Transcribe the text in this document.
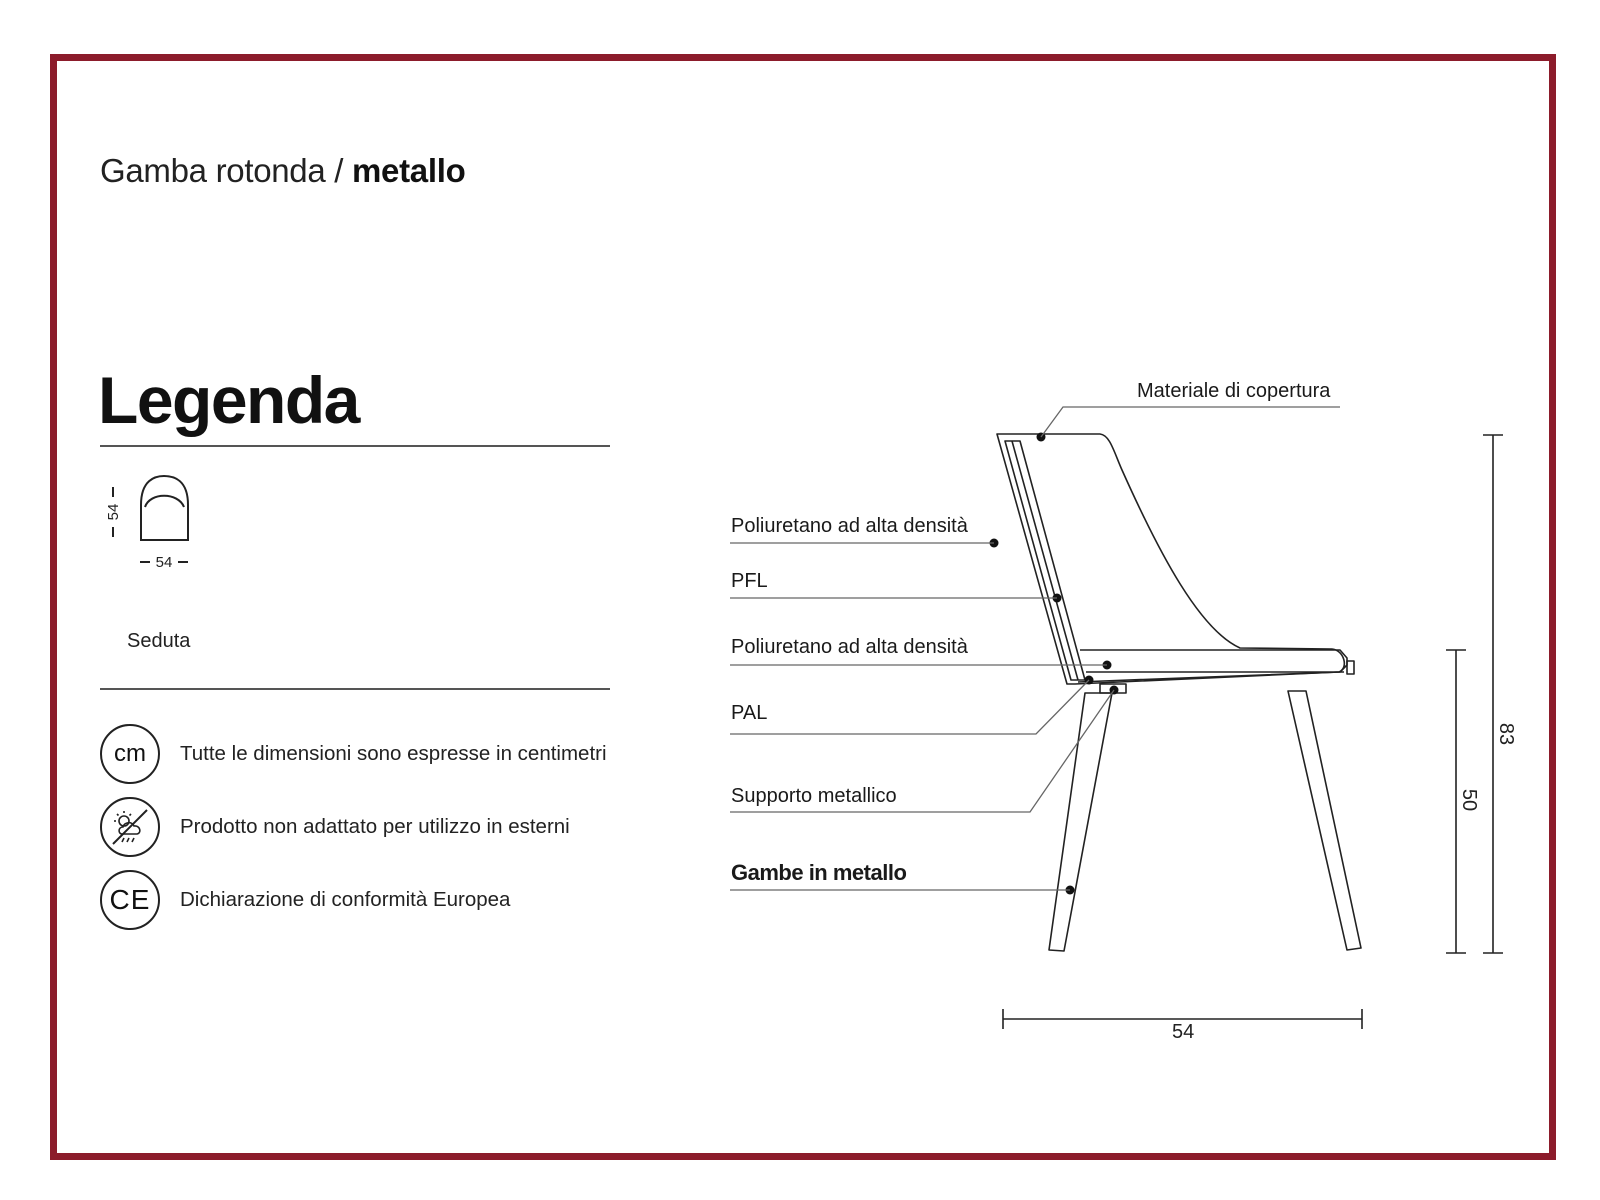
Gamba rotonda / metallo
Legenda
54
54
50
83
Materiale di copertura
Poliuretano ad alta densità
PFL
Poliuretano ad alta densità
PAL
Supporto metallico
Gambe in metallo
54
Seduta
cm Tutte le dimensioni sono espresse in centimetri
Prodotto non adattato per utilizzo in esterni
CE Dichiarazione di conformità Europea
